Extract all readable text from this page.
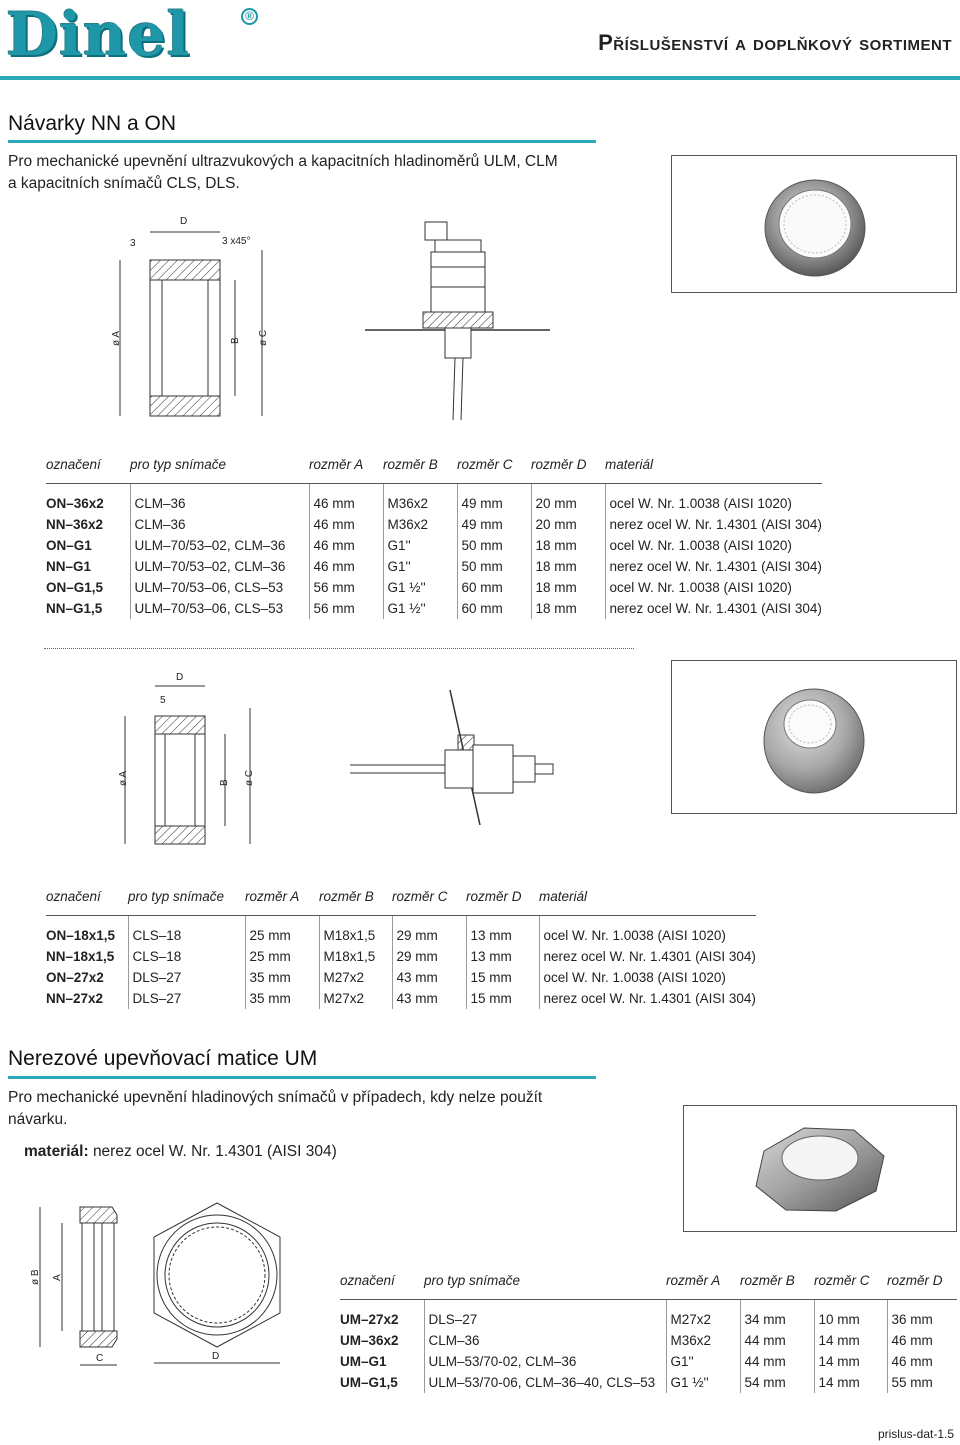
Dinel	®
Příslušenství a doplňkový sortiment
Návarky NN a ON
Pro mechanické upevnění ultrazvukových a kapacitních hladinoměrů ULM, CLM
a kapacitních snímačů CLS, DLS.
D
3	3 x45°
ø A	B ø C
označení	pro typ snímače	rozměr A	rozměr B	rozměr C	rozměr D	materiál
ON–36x2	CLM–36	46 mm	M36x2	49 mm	20 mm	ocel W. Nr. 1.0038 (AISI 1020)
NN–36x2	CLM–36	46 mm	M36x2	49 mm	20 mm	nerez ocel W. Nr. 1.4301 (AISI 304)
ON–G1	ULM–70/53–02, CLM–36	46 mm	G1''	50 mm	18 mm	ocel W. Nr. 1.0038 (AISI 1020)
NN–G1	ULM–70/53–02, CLM–36	46 mm	G1''	50 mm	18 mm	nerez ocel W. Nr. 1.4301 (AISI 304)
ON–G1,5	ULM–70/53–06, CLS–53	56 mm	G1 ½''	60 mm	18 mm	ocel W. Nr. 1.0038 (AISI 1020)
NN–G1,5	ULM–70/53–06, CLS–53	56 mm	G1 ½''	60 mm	18 mm	nerez ocel W. Nr. 1.4301 (AISI 304)
D
5
ø A	B ø C
označení	pro typ snímače	rozměr A	rozměr B	rozměr C	rozměr D	materiál
ON–18x1,5	CLS–18	25 mm	M18x1,5	29 mm	13 mm	ocel W. Nr. 1.0038 (AISI 1020)
NN–18x1,5	CLS–18	25 mm	M18x1,5	29 mm	13 mm	nerez ocel W. Nr. 1.4301 (AISI 304)
ON–27x2	DLS–27	35 mm	M27x2	43 mm	15 mm	ocel W. Nr. 1.0038 (AISI 1020)
NN–27x2	DLS–27	35 mm	M27x2	43 mm	15 mm	nerez ocel W. Nr. 1.4301 (AISI 304)
Nerezové upevňovací matice UM
Pro mechanické upevnění hladinových snímačů v případech, kdy nelze použít
návarku.
materiál: nerez ocel W. Nr. 1.4301 (AISI 304)
ø B A
C	D
označení	pro typ snímače	rozměr A	rozměr B	rozměr C	rozměr D
UM–27x2	DLS–27	M27x2	34 mm	10 mm	36 mm
UM–36x2	CLM–36	M36x2	44 mm	14 mm	46 mm
UM–G1	ULM–53/70-02, CLM–36	G1''	44 mm	14 mm	46 mm
UM–G1,5	ULM–53/70-06, CLM–36–40, CLS–53	G1 ½''	54 mm	14 mm	55 mm
prislus-dat-1.5
